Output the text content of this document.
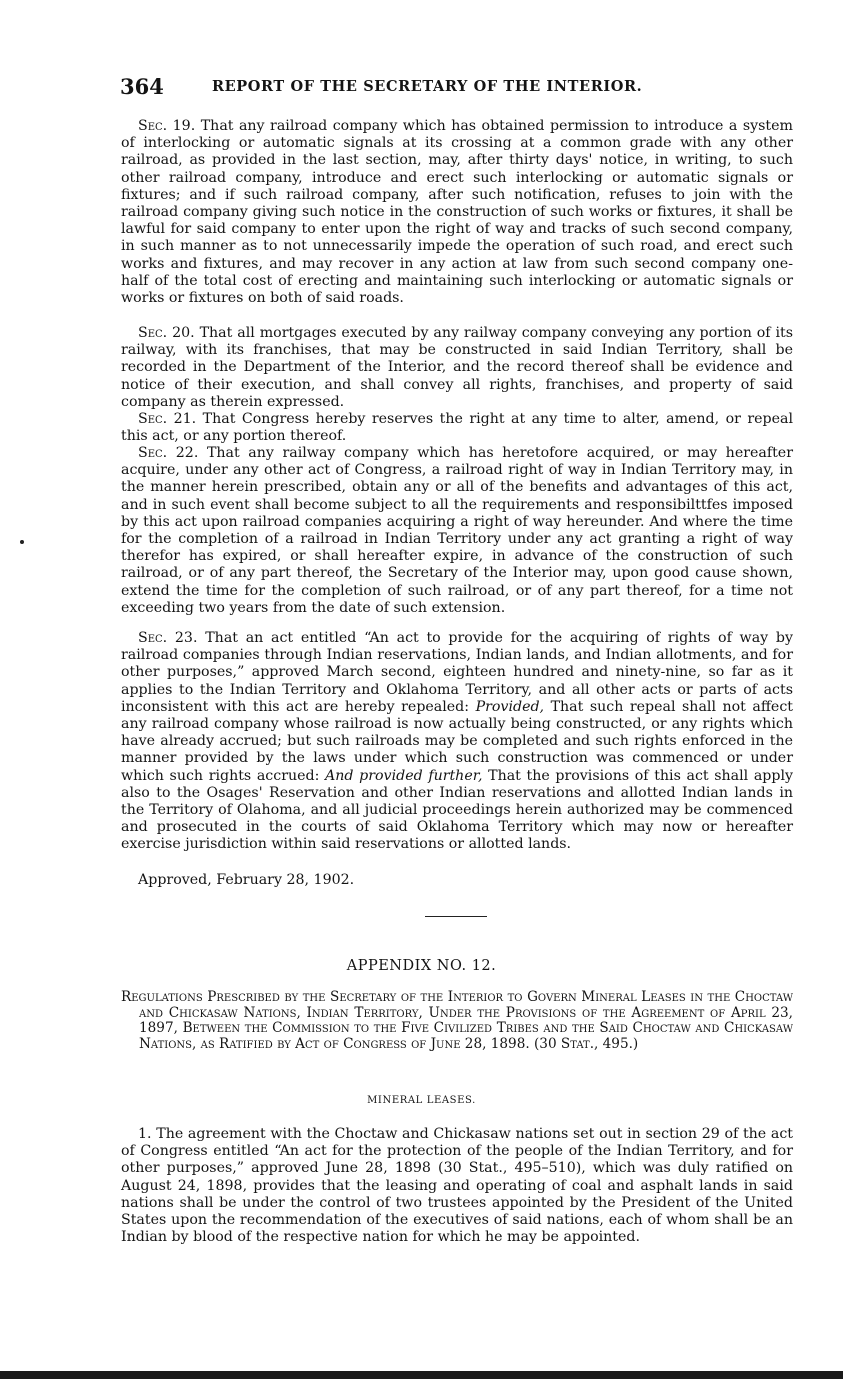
364	REPORT OF THE SECRETARY OF THE INTERIOR.

Sec. 19. That any railroad company which has obtained permission to introduce a system of interlocking or automatic signals at its crossing at a common grade with any other railroad, as provided in the last section, may, after thirty days' notice, in writing, to such other railroad company, introduce and erect such interlocking or automatic signals or fixtures; and if such railroad company, after such notification, refuses to join with the railroad company giving such notice in the construction of such works or fixtures, it shall be lawful for said company to enter upon the right of way and tracks of such second company, in such manner as to not unnecessarily impede the operation of such road, and erect such works and fixtures, and may recover in any action at law from such second company one-half of the total cost of erecting and maintaining such interlocking or automatic signals or works or fixtures on both of said roads.

Sec. 20. That all mortgages executed by any railway company conveying any portion of its railway, with its franchises, that may be constructed in said Indian Territory, shall be recorded in the Department of the Interior, and the record thereof shall be evidence and notice of their execution, and shall convey all rights, franchises, and property of said company as therein expressed.

Sec. 21. That Congress hereby reserves the right at any time to alter, amend, or repeal this act, or any portion thereof.

Sec. 22. That any railway company which has heretofore acquired, or may hereafter acquire, under any other act of Congress, a railroad right of way in Indian Territory may, in the manner herein prescribed, obtain any or all of the benefits and advantages of this act, and in such event shall become subject to all the requirements and responsibilttfes imposed by this act upon railroad companies acquiring a right of way hereunder. And where the time for the completion of a railroad in Indian Territory under any act granting a right of way therefor has expired, or shall hereafter expire, in advance of the construction of such railroad, or of any part thereof, the Secretary of the Interior may, upon good cause shown, extend the time for the completion of such railroad, or of any part thereof, for a time not exceeding two years from the date of such extension.

Sec. 23. That an act entitled “An act to provide for the acquiring of rights of way by railroad companies through Indian reservations, Indian lands, and Indian allotments, and for other purposes,” approved March second, eighteen hundred and ninety-nine, so far as it applies to the Indian Territory and Oklahoma Territory, and all other acts or parts of acts inconsistent with this act are hereby repealed: Provided, That such repeal shall not affect any railroad company whose railroad is now actually being constructed, or any rights which have already accrued; but such railroads may be completed and such rights enforced in the manner provided by the laws under which such construction was commenced or under which such rights accrued: And provided further, That the provisions of this act shall apply also to the Osages' Reservation and other Indian reservations and allotted Indian lands in the Territory of Olahoma, and all judicial proceedings herein authorized may be commenced and prosecuted in the courts of said Oklahoma Territory which may now or hereafter exercise jurisdiction within said reservations or allotted lands.

Approved, February 28, 1902.

APPENDIX NO. 12.

Regulations Prescribed by the Secretary of the Interior to Govern Mineral Leases in the Choctaw and Chickasaw Nations, Indian Territory, Under the Provisions of the Agreement of April 23, 1897, Between the Commission to the Five Civilized Tribes and the Said Choctaw and Chickasaw Nations, as Ratified by Act of Congress of June 28, 1898. (30 Stat., 495.)

MINERAL LEASES.

1. The agreement with the Choctaw and Chickasaw nations set out in section 29 of the act of Congress entitled “An act for the protection of the people of the Indian Territory, and for other purposes,” approved June 28, 1898 (30 Stat., 495–510), which was duly ratified on August 24, 1898, provides that the leasing and operating of coal and asphalt lands in said nations shall be under the control of two trustees appointed by the President of the United States upon the recommendation of the executives of said nations, each of whom shall be an Indian by blood of the respective nation for which he may be appointed.
